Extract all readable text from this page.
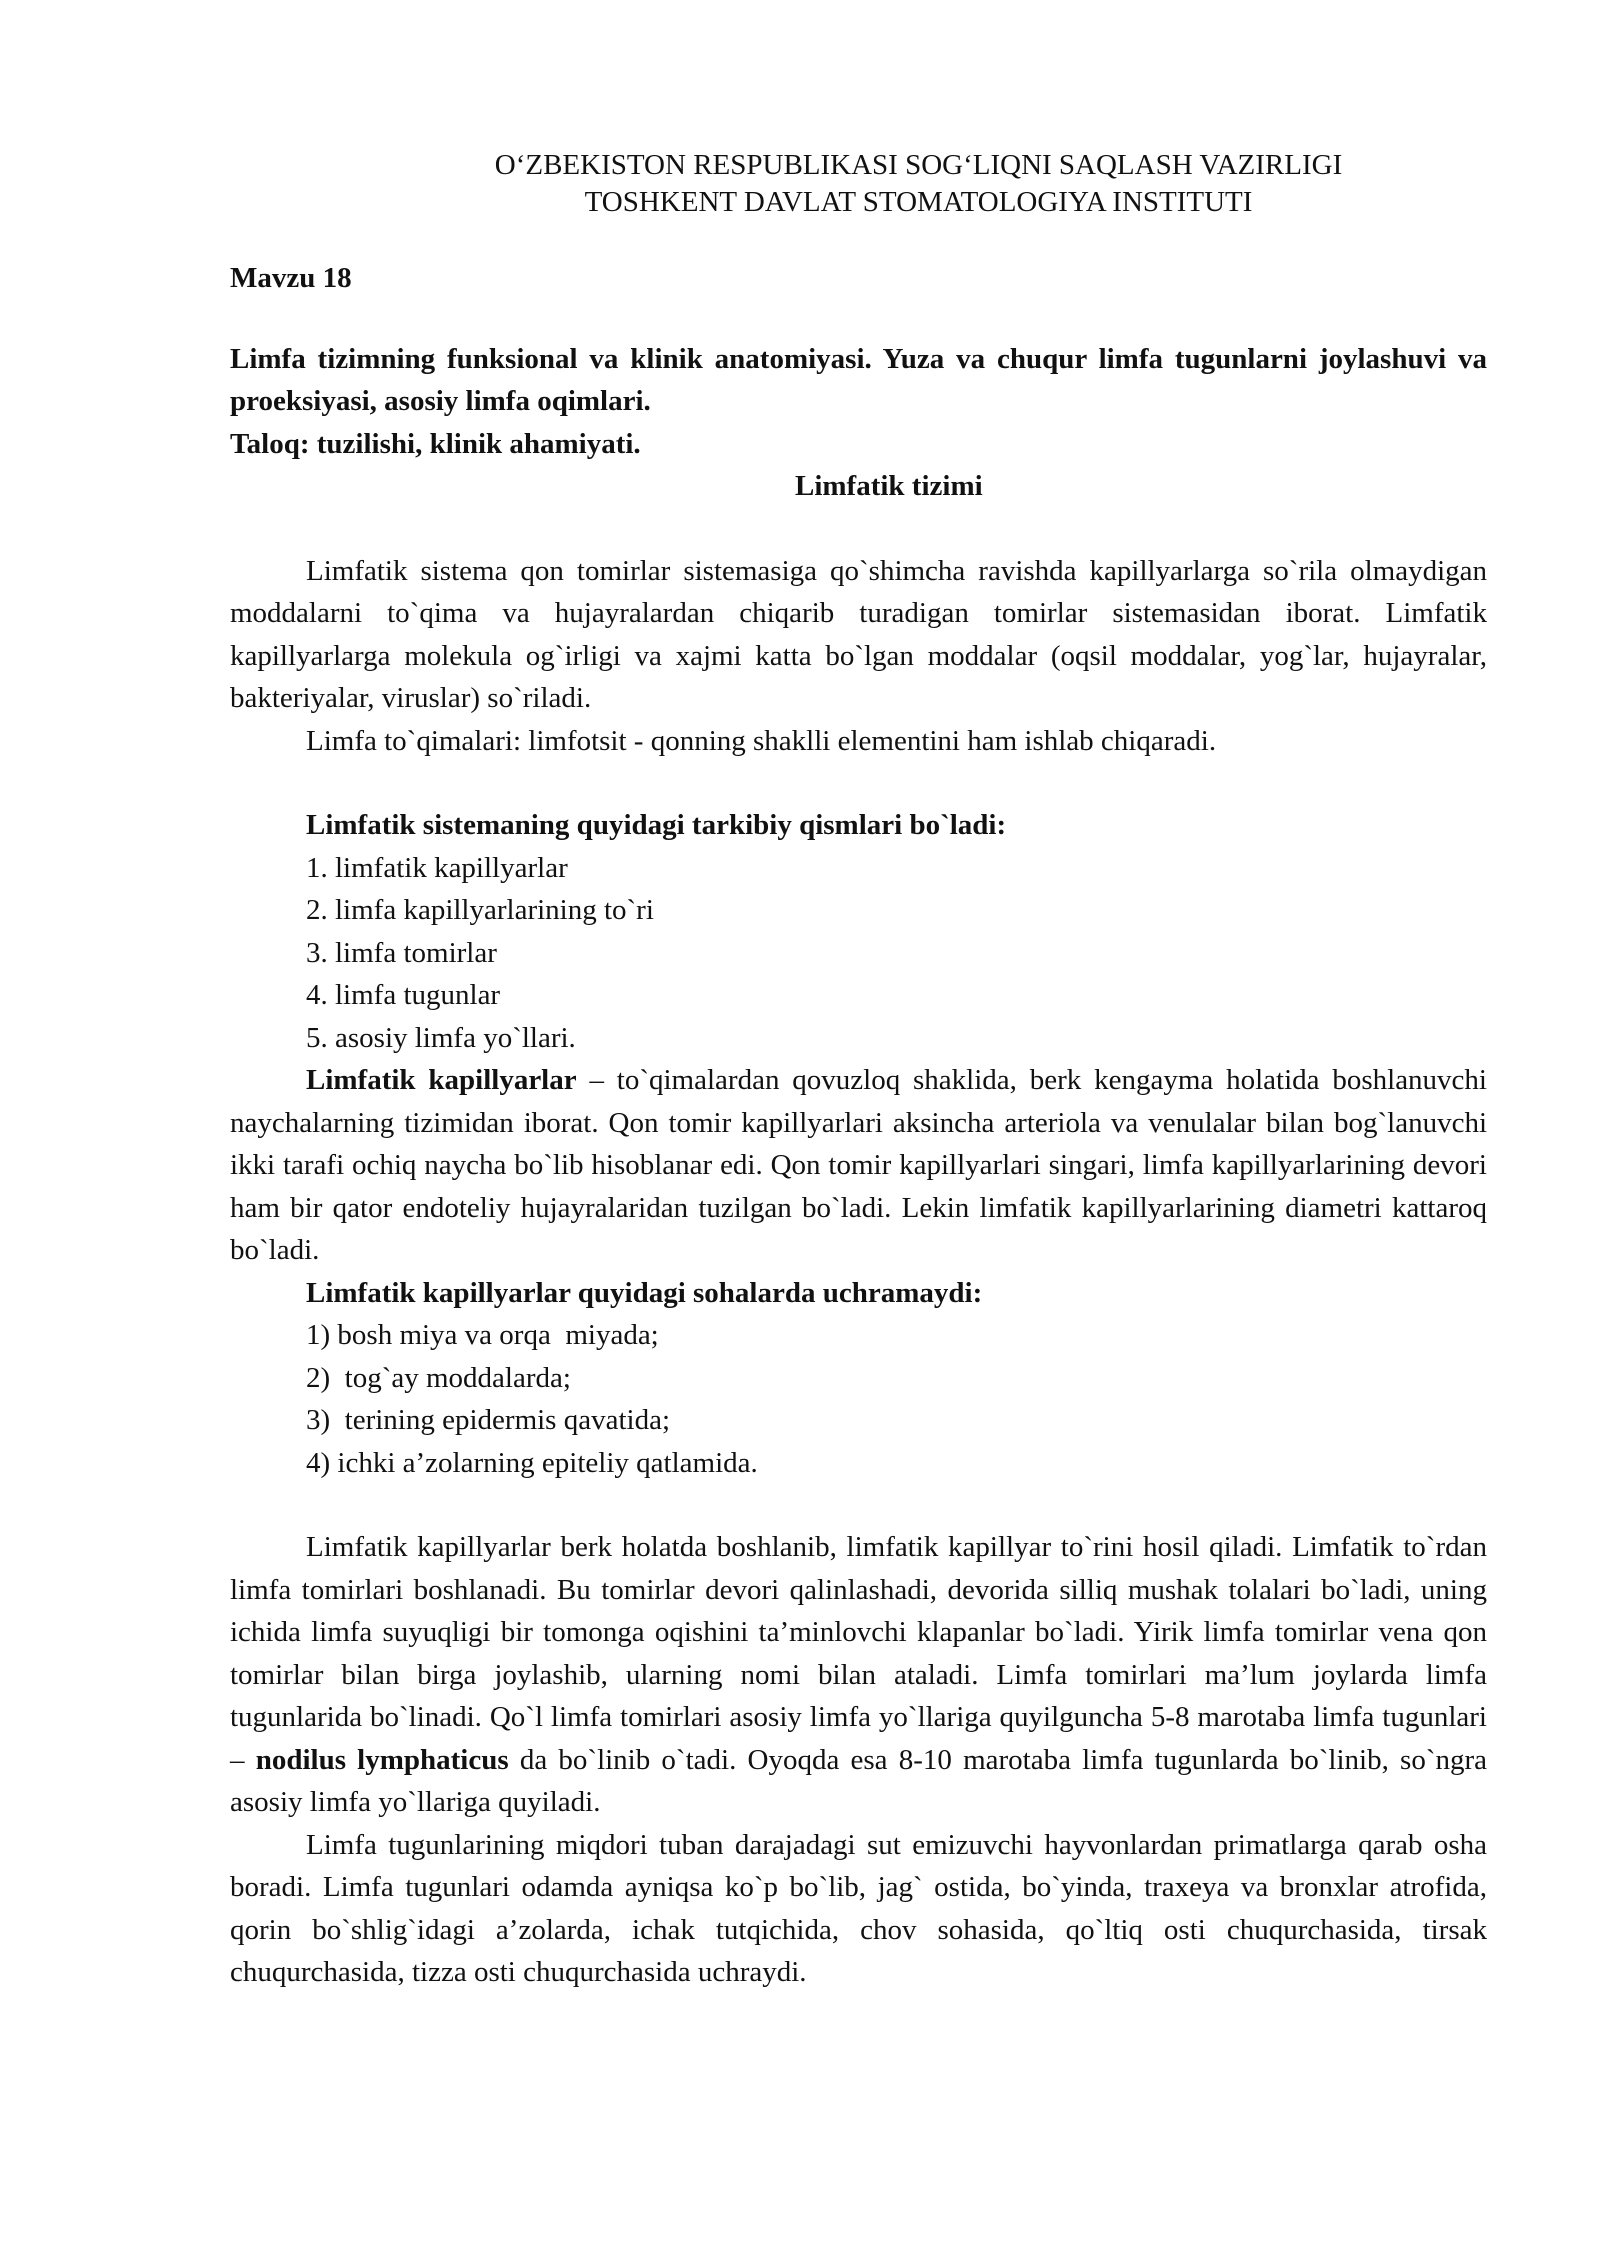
O‘ZBEKISTON RESPUBLIKASI SOG‘LIQNI SAQLASH VAZIRLIGI
TOSHKENT DAVLAT STOMATOLOGIYA INSTITUTI
Mavzu 18

Limfa tizimning funksional va klinik anatomiyasi. Yuza va chuqur limfa tugunlarni joylashuvi va proeksiyasi, asosiy limfa oqimlari.

Taloq: tuzilishi, klinik ahamiyati.

Limfatik tizimi

Limfatik sistema qon tomirlar sistemasiga qo`shimcha ravishda kapillyarlarga so`rila olmaydigan moddalarni to`qima va hujayralardan chiqarib turadigan tomirlar sistemasidan iborat. Limfatik kapillyarlarga molekula og`irligi va xajmi katta bo`lgan moddalar (oqsil moddalar, yog`lar, hujayralar, bakteriyalar, viruslar) so`riladi.

Limfa to`qimalari: limfotsit - qonning shaklli elementini ham ishlab chiqaradi.

Limfatik sistemaning quyidagi tarkibiy qismlari bo`ladi:
1. limfatik kapillyarlar
2. limfa kapillyarlarining to`ri
3. limfa tomirlar
4. limfa tugunlar
5. asosiy limfa yo`llari.

Limfatik kapillyarlar – to`qimalardan qovuzloq shaklida, berk kengayma holatida boshlanuvchi naychalarning tizimidan iborat. Qon tomir kapillyarlari aksincha arteriola va venulalar bilan bog`lanuvchi ikki tarafi ochiq naycha bo`lib hisoblanar edi. Qon tomir kapillyarlari singari, limfa kapillyarlarining devori ham bir qator endoteliy hujayralaridan tuzilgan bo`ladi. Lekin limfatik kapillyarlarining diametri kattaroq bo`ladi.

Limfatik kapillyarlar quyidagi sohalarda uchramaydi:
1) bosh miya va orqa  miyada;
2)  tog`ay moddalarda;
3)  terining epidermis qavatida;
4) ichki a’zolarning epiteliy qatlamida.

Limfatik kapillyarlar berk holatda boshlanib, limfatik kapillyar to`rini hosil qiladi. Limfatik to`rdan limfa tomirlari boshlanadi. Bu tomirlar devori qalinlashadi, devorida silliq mushak tolalari bo`ladi, uning ichida limfa suyuqligi bir tomonga oqishini ta’minlovchi klapanlar bo`ladi. Yirik limfa tomirlar vena qon tomirlar bilan birga joylashib, ularning nomi bilan ataladi. Limfa tomirlari ma’lum joylarda limfa tugunlarida bo`linadi. Qo`l limfa tomirlari asosiy limfa yo`llariga quyilguncha 5-8 marotaba limfa tugunlari – nodilus lymphaticus da bo`linib o`tadi. Oyoqda esa 8-10 marotaba limfa tugunlarda bo`linib, so`ngra asosiy limfa yo`llariga quyiladi.

Limfa tugunlarining miqdori tuban darajadagi sut emizuvchi hayvonlardan primatlarga qarab osha boradi. Limfa tugunlari odamda ayniqsa ko`p bo`lib, jag` ostida, bo`yinda, traxeya va bronxlar atrofida, qorin bo`shlig`idagi a’zolarda, ichak tutqichida, chov sohasida, qo`ltiq osti chuqurchasida, tirsak chuqurchasida, tizza osti chuqurchasida uchraydi.
